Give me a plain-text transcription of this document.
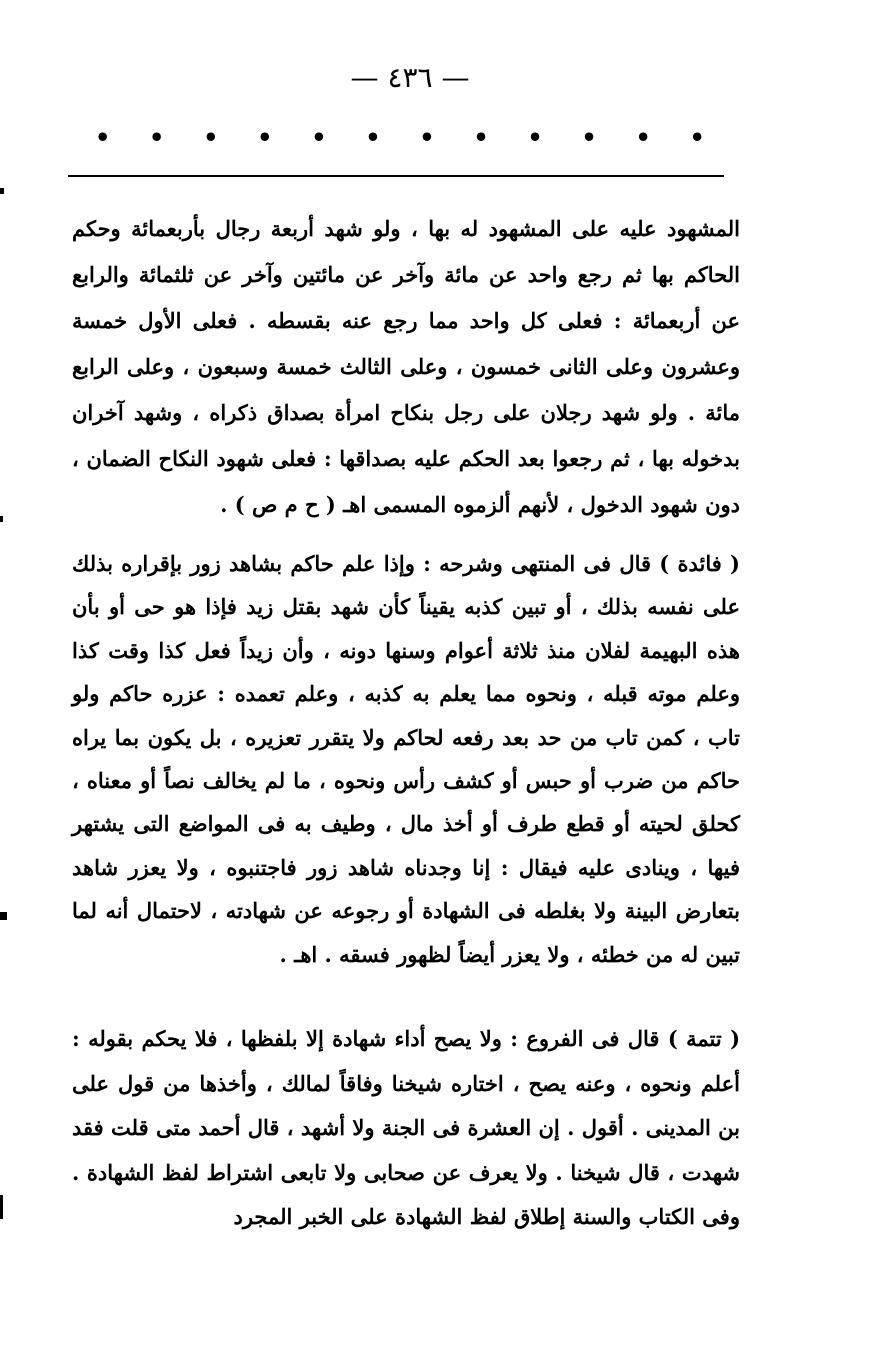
— ٤٣٦ —
• • • • • • • • • • • •

المشهود عليه على المشهود له بها ، ولو شهد أربعة رجال بأربعمائة وحكم الحاكم بها ثم رجع واحد عن مائة وآخر عن مائتين وآخر عن ثلثمائة والرابع عن أربعمائة : فعلى كل واحد مما رجع عنه بقسطه . فعلى الأول خمسة وعشرون وعلى الثانى خمسون ، وعلى الثالث خمسة وسبعون ، وعلى الرابع مائة . ولو شهد رجلان على رجل بنكاح امرأة بصداق ذكراه ، وشهد آخران بدخوله بها ، ثم رجعوا بعد الحكم عليه بصداقها : فعلى شهود النكاح الضمان ، دون شهود الدخول ، لأنهم ألزموه المسمى اهـ ( ح م ص ) .

( فائدة ) قال فى المنتهى وشرحه : وإذا علم حاكم بشاهد زور بإقراره بذلك على نفسه بذلك ، أو تبين كذبه يقيناً كأن شهد بقتل زيد فإذا هو حى أو بأن هذه البهيمة لفلان منذ ثلاثة أعوام وسنها دونه ، وأن زيداً فعل كذا وقت كذا وعلم موته قبله ، ونحوه مما يعلم به كذبه ، وعلم تعمده : عزره حاكم ولو تاب ، كمن تاب من حد بعد رفعه لحاكم ولا يتقرر تعزيره ، بل يكون بما يراه حاكم من ضرب أو حبس أو كشف رأس ونحوه ، ما لم يخالف نصاً أو معناه ، كحلق لحيته أو قطع طرف أو أخذ مال ، وطيف به فى المواضع التى يشتهر فيها ، وينادى عليه فيقال : إنا وجدناه شاهد زور فاجتنبوه ، ولا يعزر شاهد بتعارض البينة ولا بغلطه فى الشهادة أو رجوعه عن شهادته ، لاحتمال أنه لما تبين له من خطئه ، ولا يعزر أيضاً لظهور فسقه . اهـ .

( تتمة ) قال فى الفروع : ولا يصح أداء شهادة إلا بلفظها ، فلا يحكم بقوله : أعلم ونحوه ، وعنه يصح ، اختاره شيخنا وفاقاً لمالك ، وأخذها من قول على بن المدينى . أقول . إن العشرة فى الجنة ولا أشهد ، قال أحمد متى قلت فقد شهدت ، قال شيخنا . ولا يعرف عن صحابى ولا تابعى اشتراط لفظ الشهادة . وفى الكتاب والسنة إطلاق لفظ الشهادة على الخبر المجرد
